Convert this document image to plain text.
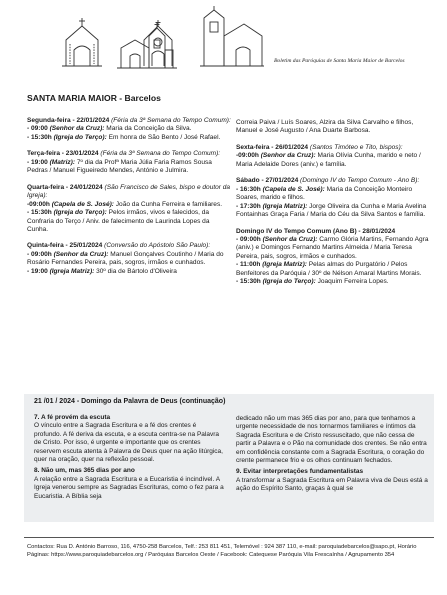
Boletim das Paróquias de Santa Maria Maior de Barcelos
SANTA MARIA MAIOR - Barcelos

Segunda-feira - 22/01/2024 (Féria da 3ª Semana do Tempo Comum):

- 09:00 (Senhor da Cruz): Maria da Conceição da Silva.

- 15:30h (Igreja do Terço): Em honra de São Bento / José Rafael.

Terça-feira - 23/01/2024 (Féria da 3ª Semana do Tempo Comum):

- 19:00 (Matriz): 7º dia da Profª Maria Júlia Faria Ramos Sousa Pedras / Manuel Figueiredo Mendes, António e Julmira.

Quarta-feira - 24/01/2024 (São Francisco de Sales, bispo e doutor da Igreja):

-09:00h (Capela de S. José): João da Cunha Ferreira e familiares.

- 15:30h (Igreja do Terço): Pelos irmãos, vivos e falecidos, da Confraria do Terço / Aniv. de falecimento de Laurinda Lopes da Cunha.

Quinta-feira - 25/01/2024 (Conversão do Apóstolo São Paulo):

- 09:00h (Senhor da Cruz): Manuel Gonçalves Coutinho / Maria do Rosário Fernandes Pereira, pais, sogros, irmãos e cunhados.

- 19:00 (Igreja Matriz): 30º dia de Bártolo d'Oliveira

Correia Paiva / Luís Soares, Alzira da Silva Carvalho e filhos, Manuel e José Augusto / Ana Duarte Barbosa.

Sexta-feira - 26/01/2024 (Santos Timóteo e Tito, bispos):

-09:00h (Senhor da Cruz): Maria Olívia Cunha, marido e neto / Maria Adelaide Dores (aniv.) e família.

Sábado - 27/01/2024 (Domingo IV do Tempo Comum - Ano B):

- 16:30h (Capela de S. José): Maria da Conceição Monteiro Soares, marido e filhos.

- 17:30h (Igreja Matriz): Jorge Oliveira da Cunha e Maria Avelina Fontainhas Graça Faria / Maria do Céu da Silva Santos e família.

Domingo IV do Tempo Comum (Ano B) - 28/01/2024

- 09:00h (Senhor da Cruz): Carmo Glória Martins, Fernando Agra (aniv.) e Domingos Fernando Martins Almeida / Maria Teresa Pereira, pais, sogros, irmãos e cunhados.

- 11:00h (Igreja Matriz): Pelas almas do Purgatório / Pelos Benfeitores da Paróquia / 30º de Nélson Amaral Martins Morais.

- 15:30h (Igreja do Terço): Joaquim Ferreira Lopes.

21 /01 / 2024 - Domingo da Palavra de Deus (continuação)

7. A fé provém da escuta

O vínculo entre a Sagrada Escritura e a fé dos crentes é profundo. A fé deriva da escuta, e a escuta centra-se na Palavra de Cristo. Por isso, é urgente e importante que os crentes reservem escuta atenta à Palavra de Deus quer na ação litúrgica, quer na oração, quer na reflexão pessoal.

8. Não um, mas 365 dias por ano

A relação entre a Sagrada Escritura e a Eucaristia é incindível. A Igreja venerou sempre as Sagradas Escrituras, como o fez para a Eucaristia. A Bíblia seja

dedicado não um mas 365 dias por ano, para que tenhamos a urgente necessidade de nos tornarmos familiares e íntimos da Sagrada Escritura e de Cristo ressuscitado, que não cessa de partir a Palavra e o Pão na comunidade dos crentes. Se não entra em confidência constante com a Sagrada Escritura, o coração do crente permanece frio e os olhos continuam fechados.

9. Evitar interpretações fundamentalistas

A transformar a Sagrada Escritura em Palavra viva de Deus está a ação do Espírito Santo, graças à qual se

Contactos: Rua D. António Barroso, 116, 4750-258 Barcelos, Telf.: 253 811 451, Telemóvel : 924 387 110, e-mail: paroquiadebarcelos@sapo.pt, Horário
Páginas: https://www.paroquiadebarcelos.org / Paróquias Barcelos Oeste / Facebook: Catequese Paróquia Vila Frescaínha / Agrupamento 354
